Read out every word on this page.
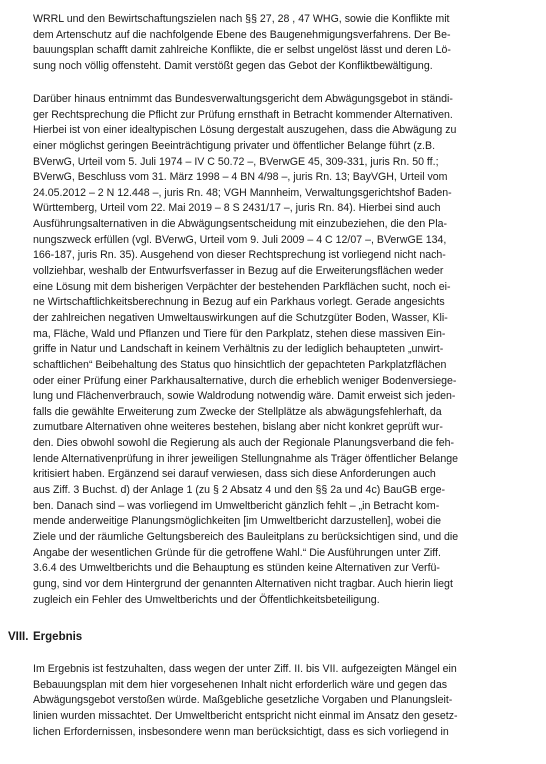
WRRL und den Bewirtschaftungszielen nach §§ 27, 28 , 47 WHG, sowie die Konflikte mit
dem Artenschutz auf die nachfolgende Ebene des Baugenehmigungsverfahrens. Der Be-
bauungsplan schafft damit zahlreiche Konflikte, die er selbst ungelöst lässt und deren Lö-
sung noch völlig offensteht. Damit verstößt gegen das Gebot der Konfliktbewältigung.
Darüber hinaus entnimmt das Bundesverwaltungsgericht dem Abwägungsgebot in ständi-
ger Rechtsprechung die Pflicht zur Prüfung ernsthaft in Betracht kommender Alternativen.
Hierbei ist von einer idealtypischen Lösung dergestalt auszugehen, dass die Abwägung zu
einer möglichst geringen Beeinträchtigung privater und öffentlicher Belange führt (z.B.
BVerwG, Urteil vom 5. Juli 1974 – IV C 50.72 –, BVerwGE 45, 309-331, juris Rn. 50 ff.;
BVerwG, Beschluss vom 31. März 1998 – 4 BN 4/98 –, juris Rn. 13; BayVGH, Urteil vom
24.05.2012 – 2 N 12.448 –, juris Rn. 48; VGH Mannheim, Verwaltungsgerichtshof Baden-
Württemberg, Urteil vom 22. Mai 2019 – 8 S 2431/17 –, juris Rn. 84). Hierbei sind auch
Ausführungsalternativen in die Abwägungsentscheidung mit einzubeziehen, die den Pla-
nungszweck erfüllen (vgl. BVerwG, Urteil vom 9. Juli 2009 – 4 C 12/07 –, BVerwGE 134,
166-187, juris Rn. 35). Ausgehend von dieser Rechtsprechung ist vorliegend nicht nach-
vollziehbar, weshalb der Entwurfsverfasser in Bezug auf die Erweiterungsflächen weder
eine Lösung mit dem bisherigen Verpächter der bestehenden Parkflächen sucht, noch ei-
ne Wirtschaftlichkeitsberechnung in Bezug auf ein Parkhaus vorlegt. Gerade angesichts
der zahlreichen negativen Umweltauswirkungen auf die Schutzgüter Boden, Wasser, Kli-
ma, Fläche, Wald und Pflanzen und Tiere für den Parkplatz, stehen diese massiven Ein-
griffe in Natur und Landschaft in keinem Verhältnis zu der lediglich behaupteten „unwirt-
schaftlichen“ Beibehaltung des Status quo hinsichtlich der gepachteten Parkplatzflächen
oder einer Prüfung einer Parkhausalternative, durch die erheblich weniger Bodenversiege-
lung und Flächenverbrauch, sowie Waldrodung notwendig wäre. Damit erweist sich jeden-
falls die gewählte Erweiterung zum Zwecke der Stellplätze als abwägungsfehlerhaft, da
zumutbare Alternativen ohne weiteres bestehen, bislang aber nicht konkret geprüft wur-
den. Dies obwohl sowohl die Regierung als auch der Regionale Planungsverband die feh-
lende Alternativenprüfung in ihrer jeweiligen Stellungnahme als Träger öffentlicher Belange
kritisiert haben. Ergänzend sei darauf verwiesen, dass sich diese Anforderungen auch
aus Ziff. 3 Buchst. d) der Anlage 1 (zu § 2 Absatz 4 und den §§ 2a und 4c) BauGB erge-
ben. Danach sind – was vorliegend im Umweltbericht gänzlich fehlt – „in Betracht kom-
mende anderweitige Planungsmöglichkeiten [im Umweltbericht darzustellen], wobei die
Ziele und der räumliche Geltungsbereich des Bauleitplans zu berücksichtigen sind, und die
Angabe der wesentlichen Gründe für die getroffene Wahl.“ Die Ausführungen unter Ziff.
3.6.4 des Umweltberichts und die Behauptung es stünden keine Alternativen zur Verfü-
gung, sind vor dem Hintergrund der genannten Alternativen nicht tragbar. Auch hierin liegt
zugleich ein Fehler des Umweltberichts und der Öffentlichkeitsbeteiligung.
VIII. Ergebnis
Im Ergebnis ist festzuhalten, dass wegen der unter Ziff. II. bis VII. aufgezeigten Mängel ein
Bebauungsplan mit dem hier vorgesehenen Inhalt nicht erforderlich wäre und gegen das
Abwägungsgebot verstoßen würde. Maßgebliche gesetzliche Vorgaben und Planungsleit-
linien wurden missachtet. Der Umweltbericht entspricht nicht einmal im Ansatz den gesetz-
lichen Erfordernissen, insbesondere wenn man berücksichtigt, dass es sich vorliegend in
